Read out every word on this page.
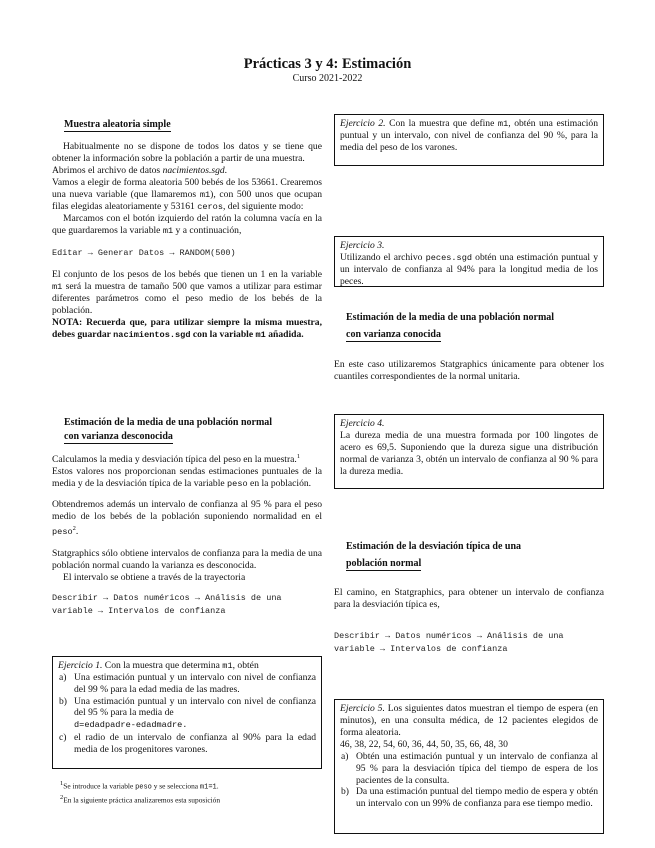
Prácticas 3 y 4: Estimación
Curso 2021-2022
Muestra aleatoria simple

Habitualmente no se dispone de todos los datos y se tiene que obtener la información sobre la población a partir de una muestra.

Abrimos el archivo de datos nacimientos.sgd.

Vamos a elegir de forma aleatoria 500 bebés de los 53661. Crearemos una nueva variable (que llamaremos m1), con 500 unos que ocupan filas elegidas aleatoriamente y 53161 ceros, del siguiente modo:

Marcamos con el botón izquierdo del ratón la columna vacía en la que guardaremos la variable m1 y a continuación,

Editar → Generar Datos → RANDOM(500)

El conjunto de los pesos de los bebés que tienen un 1 en la variable m1 será la muestra de tamaño 500 que vamos a utilizar para estimar diferentes parámetros como el peso medio de los bebés de la población.

NOTA: Recuerda que, para utilizar siempre la misma muestra, debes guardar nacimientos.sgd con la variable m1 añadida.

Estimación de la media de una población normal
con varianza desconocida

Calculamos la media y desviación típica del peso en la muestra.$^1$

Estos valores nos proporcionan sendas estimaciones puntuales de la media y de la desviación típica de la variable peso en la población.

Obtendremos además un intervalo de confianza al 95 % para el peso medio de los bebés de la población suponiendo normalidad en el peso$^2$.

Statgraphics sólo obtiene intervalos de confianza para la media de una población normal cuando la varianza es desconocida.

El intervalo se obtiene a través de la trayectoria

Describir → Datos numéricos → Análisis de una
variable → Intervalos de confianza

Ejercicio 1. Con la muestra que determina m1, obtén

a) Una estimación puntual y un intervalo con nivel de confianza del 99 % para la edad media de las madres.
b) Una estimación puntual y un intervalo con nivel de confianza del 95 % para la media de
d=edadpadre-edadmadre.
c) el radio de un intervalo de confianza al 90% para la edad media de los progenitores varones.
$^1$Se introduce la variable peso y se selecciona m1=1.
$^2$En la siguiente práctica analizaremos esta suposición

Ejercicio 2. Con la muestra que define m1, obtén una estimación puntual y un intervalo, con nivel de confianza del 90 %, para la media del peso de los varones.

Ejercicio 3.

Utilizando el archivo peces.sgd obtén una estimación puntual y un intervalo de confianza al 94% para la longitud media de los peces.

Estimación de la media de una población normal
con varianza conocida

En este caso utilizaremos Statgraphics únicamente para obtener los cuantiles correspondientes de la normal unitaria.

Ejercicio 4.

La dureza media de una muestra formada por 100 lingotes de acero es 69,5. Suponiendo que la dureza sigue una distribución normal de varianza 3, obtén un intervalo de confianza al 90 % para la dureza media.

Estimación de la desviación típica de una
población normal

El camino, en Statgraphics, para obtener un intervalo de confianza para la desviación típica es,

Describir → Datos numéricos → Análisis de una
variable → Intervalos de confianza

Ejercicio 5. Los siguientes datos muestran el tiempo de espera (en minutos), en una consulta médica, de 12 pacientes elegidos de forma aleatoria.

46, 38, 22, 54, 60, 36, 44, 50, 35, 66, 48, 30

a) Obtén una estimación puntual y un intervalo de confianza al 95 % para la desviación típica del tiempo de espera de los pacientes de la consulta.
b) Da una estimación puntual del tiempo medio de espera y obtén un intervalo con un 99% de confianza para ese tiempo medio.
